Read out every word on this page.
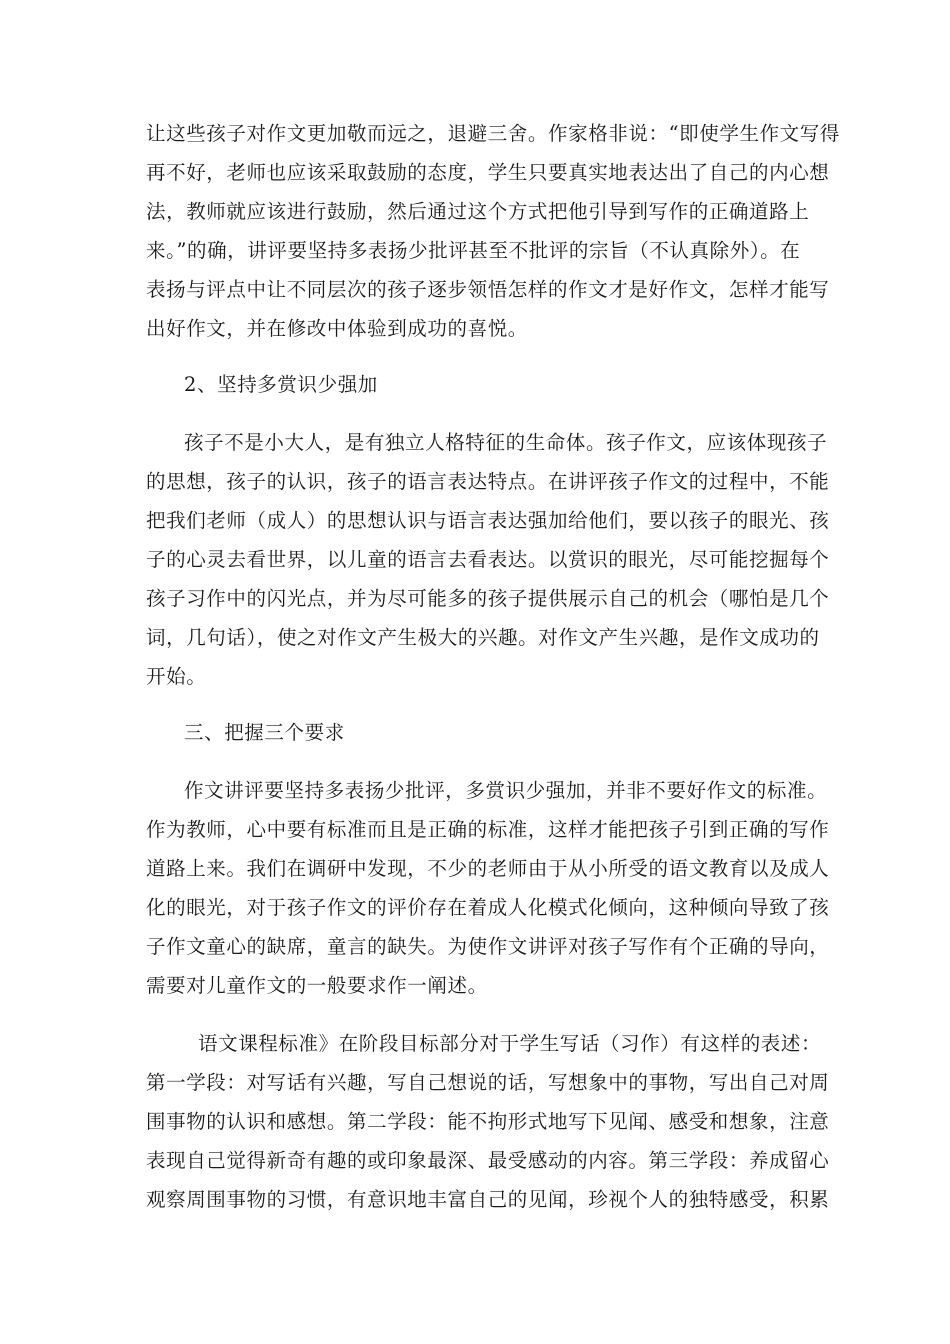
让这些孩子对作文更加敬而远之，退避三舍。作家格非说：“即使学生作文写得
再不好，老师也应该采取鼓励的态度，学生只要真实地表达出了自己的内心想
法，教师就应该进行鼓励，然后通过这个方式把他引导到写作的正确道路上
来。”的确，讲评要坚持多表扬少批评甚至不批评的宗旨（不认真除外）。在
表扬与评点中让不同层次的孩子逐步领悟怎样的作文才是好作文，怎样才能写
出好作文，并在修改中体验到成功的喜悦。
2、坚持多赏识少强加
孩子不是小大人，是有独立人格特征的生命体。孩子作文，应该体现孩子
的思想，孩子的认识，孩子的语言表达特点。在讲评孩子作文的过程中，不能
把我们老师（成人）的思想认识与语言表达强加给他们，要以孩子的眼光、孩
子的心灵去看世界，以儿童的语言去看表达。以赏识的眼光，尽可能挖掘每个
孩子习作中的闪光点，并为尽可能多的孩子提供展示自己的机会（哪怕是几个
词，几句话），使之对作文产生极大的兴趣。对作文产生兴趣，是作文成功的
开始。
三、把握三个要求
作文讲评要坚持多表扬少批评，多赏识少强加，并非不要好作文的标准。
作为教师，心中要有标准而且是正确的标准，这样才能把孩子引到正确的写作
道路上来。我们在调研中发现，不少的老师由于从小所受的语文教育以及成人
化的眼光，对于孩子作文的评价存在着成人化模式化倾向，这种倾向导致了孩
子作文童心的缺席，童言的缺失。为使作文讲评对孩子写作有个正确的导向，
需要对儿童作文的一般要求作一阐述。
语文课程标准》在阶段目标部分对于学生写话（习作）有这样的表述：
第一学段：对写话有兴趣，写自己想说的话，写想象中的事物，写出自己对周
围事物的认识和感想。第二学段：能不拘形式地写下见闻、感受和想象，注意
表现自己觉得新奇有趣的或印象最深、最受感动的内容。第三学段：养成留心
观察周围事物的习惯，有意识地丰富自己的见闻，珍视个人的独特感受，积累
